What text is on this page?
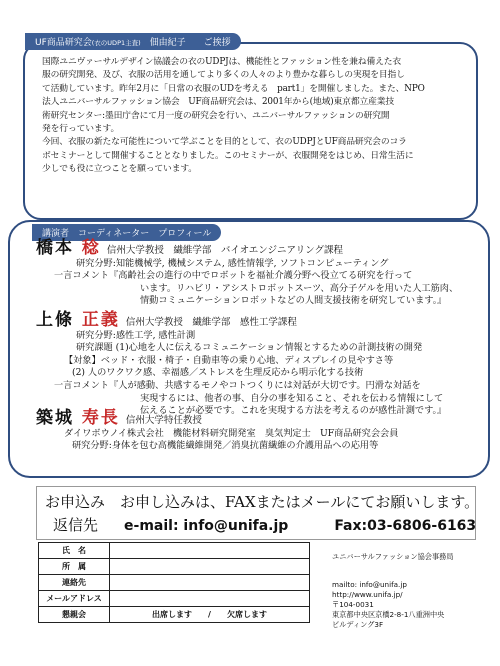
UF商品研究会(衣のUDP1主査)　佃由紀子　　ご挨拶

国際ユニヴァーサルデザイン協議会の衣のUDPJは、機能性とファッション性を兼ね備えた衣

服の研究開発、及び、衣服の活用を通してより多くの人々のより豊かな暮らしの実現を目指し

て活動しています。昨年2月に「日常の衣服のUDを考える　part1」を開催しました。また、NPO

法人ユニバーサルファッション協会　UF商品研究会は、2001年から(地域)東京都立産業技

術研究センター:墨田庁舎にて月一度の研究会を行い、ユニバーサルファッションの研究開

発を行っています。

今回、衣服の新たな可能性について学ぶことを目的として、衣のUDPJとUF商品研究会のコラ

ボセミナーとして開催することとなりました。このセミナーが、衣服開発をはじめ、日常生活に

少しでも役に立つことを願っています。

講演者　コーディネーター　プロフィール
橋本 稔 信州大学教授　繊維学部　バイオエンジニアリング課程
研究分野:知能機械学, 機械システム, 感性情報学, ソフトコンピューティング
一言コメント『高齢社会の進行の中でロボットを福祉介護分野へ役立てる研究を行って
います。リハビリ・アシストロボットスーツ、高分子ゲルを用いた人工筋肉、
情動コミュニケーションロボットなどの人間支援技術を研究しています。』
上條 正義 信州大学教授　繊維学部　感性工学課程
研究分野:感性工学, 感性計測
研究課題 (1)心地を人に伝えるコミュニケーション情報とするための計測技術の開発
【対象】ベッド・衣服・椅子・自動車等の乗り心地、ディスプレイの見やすさ等
(2) 人のワクワク感、幸福感／ストレスを生理反応から明示化する技術
一言コメント『人が感動、共感するモノやコトつくりには対話が大切です。円滑な対話を
実現するには、他者の事、自分の事を知ること、それを伝わる情報にして
伝えることが必要です。これを実現する方法を考えるのが感性計測です。』
築城 寿長 信州大学特任教授
ダイワボウノイ株式会社　機能材料研究開発室　臭気判定士　UF商品研究会会員
研究分野:身体を包む高機能繊維開発／消臭抗菌繊維の介護用品への応用等
お申込み　 お申し込みは、FAXまたはメールにてお願いします。
返信先 e-mail: info@unifa.jp	Fax:03-6806-6163
氏　名	
所　属	
連絡先	
メールアドレス	
懇親会	出席します　　 /　　 欠席します
ユニバーサルファッション協会事務局
mailto: info@unifa.jp
http://www.unifa.jp/
〒104-0031
東京都中央区京橋2-8-1八重洲中央
ビルディング3F
